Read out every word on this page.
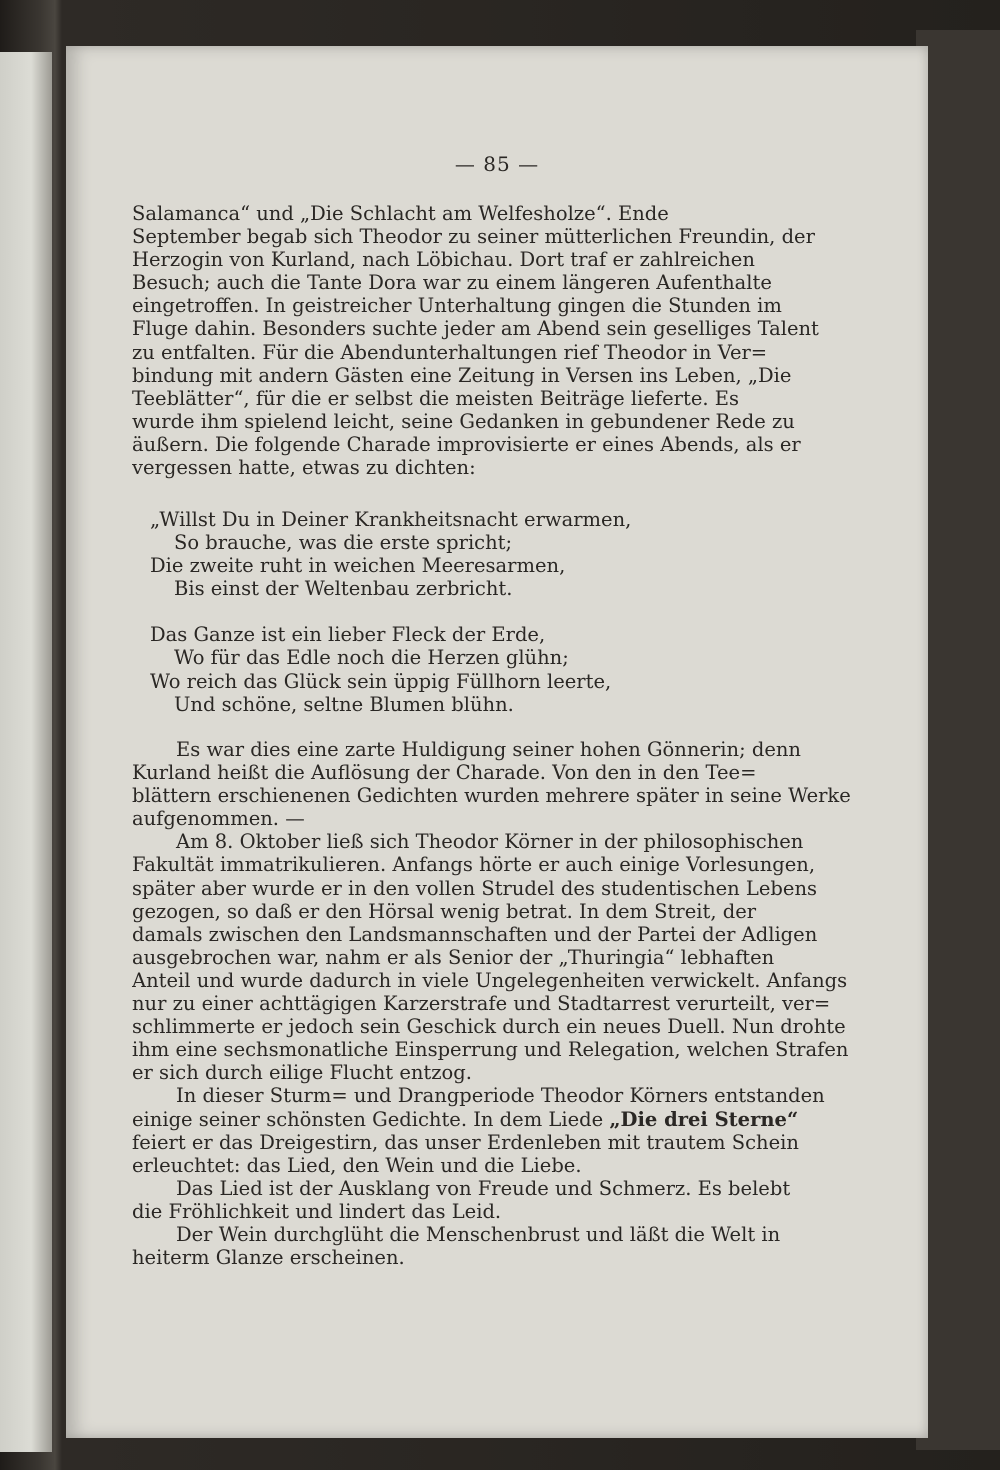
— 85 —
Salamanca“ und „Die Schlacht am Welfesholze“. Ende
September begab sich Theodor zu seiner mütterlichen Freundin, der
Herzogin von Kurland, nach Löbichau. Dort traf er zahlreichen
Besuch; auch die Tante Dora war zu einem längeren Aufenthalte
eingetroffen. In geistreicher Unterhaltung gingen die Stunden im
Fluge dahin. Besonders suchte jeder am Abend sein geselliges Talent
zu entfalten. Für die Abendunterhaltungen rief Theodor in Ver=
bindung mit andern Gästen eine Zeitung in Versen ins Leben, „Die
Teeblätter“, für die er selbst die meisten Beiträge lieferte. Es
wurde ihm spielend leicht, seine Gedanken in gebundener Rede zu
äußern. Die folgende Charade improvisierte er eines Abends, als er
vergessen hatte, etwas zu dichten:
„Willst Du in Deiner Krankheitsnacht erwarmen,
So brauche, was die erste spricht;
Die zweite ruht in weichen Meeresarmen,
Bis einst der Weltenbau zerbricht.
Das Ganze ist ein lieber Fleck der Erde,
Wo für das Edle noch die Herzen glühn;
Wo reich das Glück sein üppig Füllhorn leerte,
Und schöne, seltne Blumen blühn.
Es war dies eine zarte Huldigung seiner hohen Gönnerin; denn
Kurland heißt die Auflösung der Charade. Von den in den Tee=
blättern erschienenen Gedichten wurden mehrere später in seine Werke
aufgenommen. —
Am 8. Oktober ließ sich Theodor Körner in der philosophischen
Fakultät immatrikulieren. Anfangs hörte er auch einige Vorlesungen,
später aber wurde er in den vollen Strudel des studentischen Lebens
gezogen, so daß er den Hörsal wenig betrat. In dem Streit, der
damals zwischen den Landsmannschaften und der Partei der Adligen
ausgebrochen war, nahm er als Senior der „Thuringia“ lebhaften
Anteil und wurde dadurch in viele Ungelegenheiten verwickelt. Anfangs
nur zu einer achttägigen Karzerstrafe und Stadtarrest verurteilt, ver=
schlimmerte er jedoch sein Geschick durch ein neues Duell. Nun drohte
ihm eine sechsmonatliche Einsperrung und Relegation, welchen Strafen
er sich durch eilige Flucht entzog.
In dieser Sturm= und Drangperiode Theodor Körners entstanden
einige seiner schönsten Gedichte. In dem Liede „Die drei Sterne“
feiert er das Dreigestirn, das unser Erdenleben mit trautem Schein
erleuchtet: das Lied, den Wein und die Liebe.
Das Lied ist der Ausklang von Freude und Schmerz. Es belebt
die Fröhlichkeit und lindert das Leid.
Der Wein durchglüht die Menschenbrust und läßt die Welt in
heiterm Glanze erscheinen.
